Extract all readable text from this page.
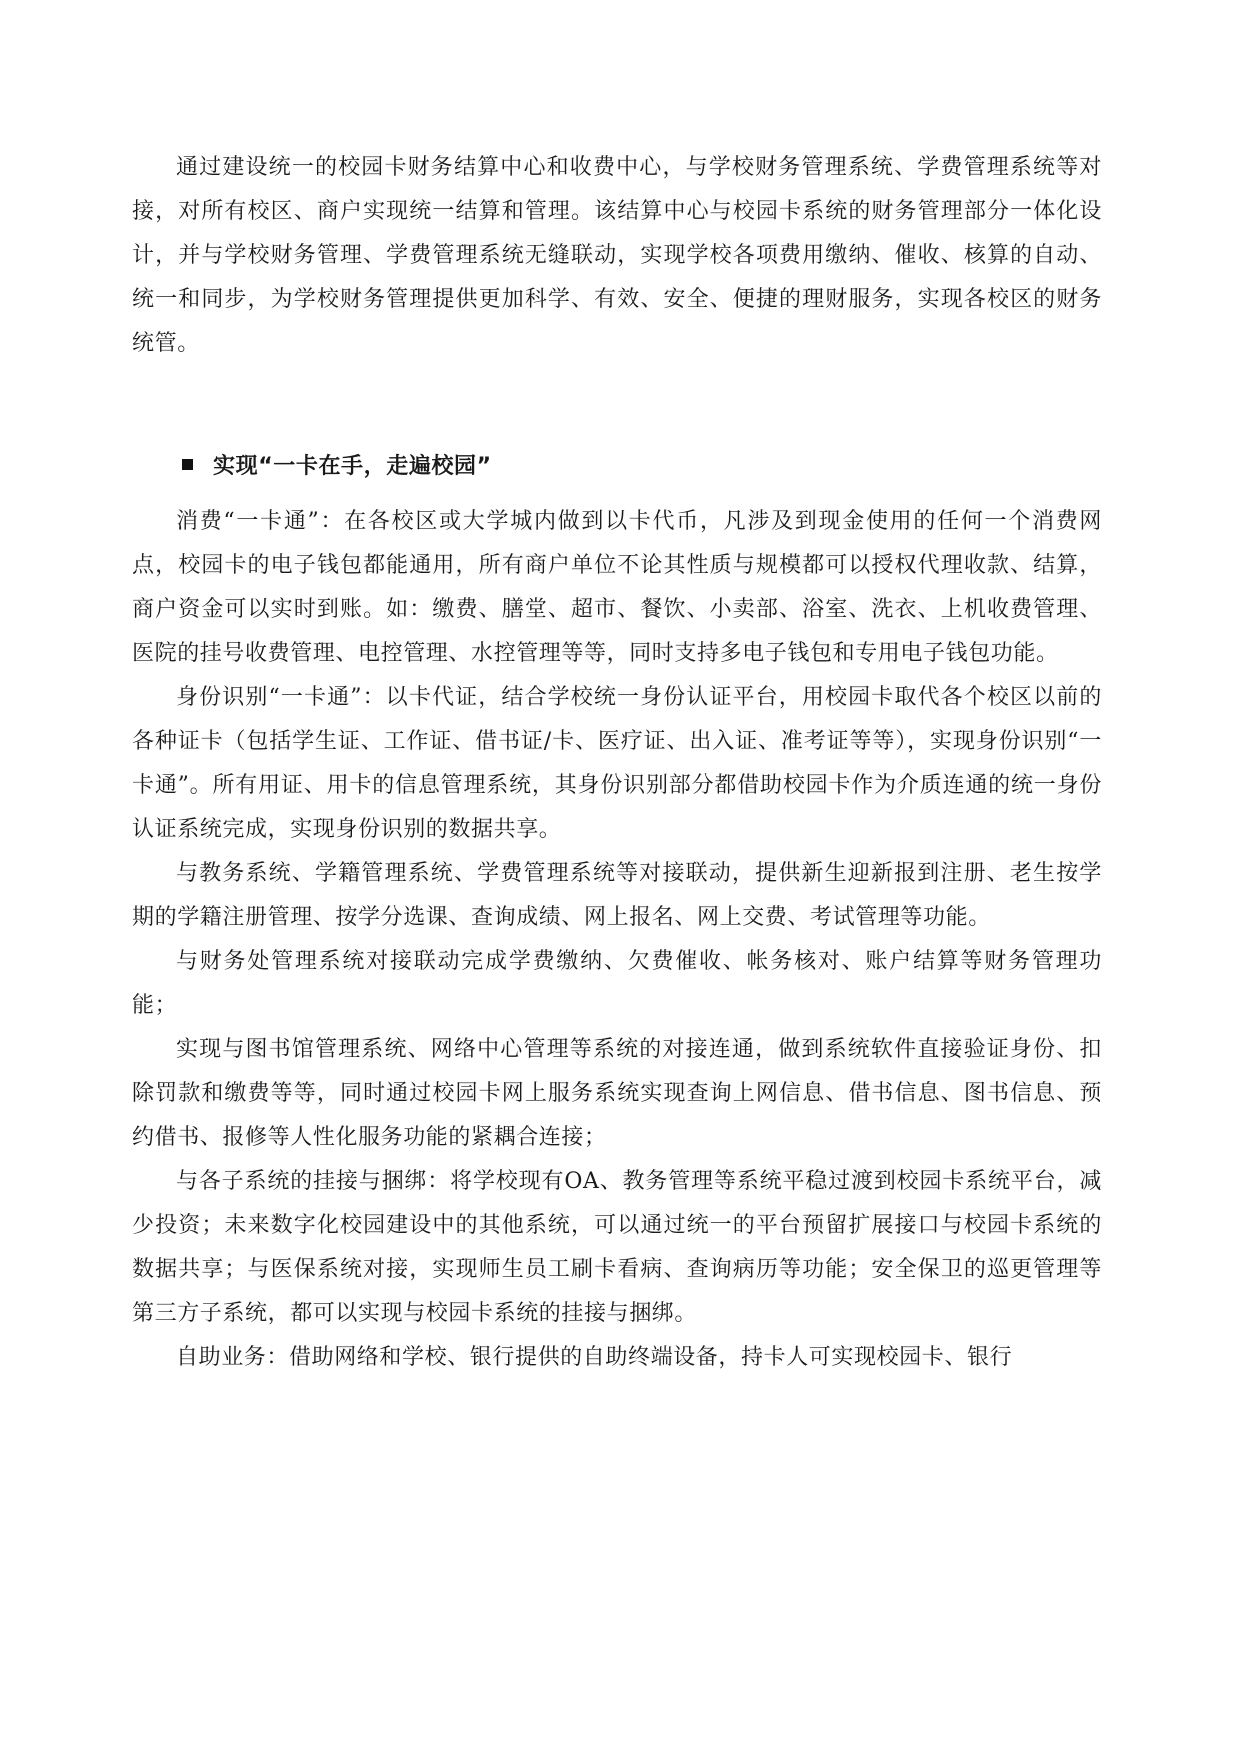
通过建设统一的校园卡财务结算中心和收费中心，与学校财务管理系统、学费管理系统等对接，对所有校区、商户实现统一结算和管理。该结算中心与校园卡系统的财务管理部分一体化设计，并与学校财务管理、学费管理系统无缝联动，实现学校各项费用缴纳、催收、核算的自动、统一和同步，为学校财务管理提供更加科学、有效、安全、便捷的理财服务，实现各校区的财务统管。

实现“一卡在手，走遍校园”

消费“一卡通”：在各校区或大学城内做到以卡代币，凡涉及到现金使用的任何一个消费网点，校园卡的电子钱包都能通用，所有商户单位不论其性质与规模都可以授权代理收款、结算，商户资金可以实时到账。如：缴费、膳堂、超市、餐饮、小卖部、浴室、洗衣、上机收费管理、医院的挂号收费管理、电控管理、水控管理等等，同时支持多电子钱包和专用电子钱包功能。

身份识别“一卡通”：以卡代证，结合学校统一身份认证平台，用校园卡取代各个校区以前的各种证卡（包括学生证、工作证、借书证/卡、医疗证、出入证、准考证等等），实现身份识别“一卡通”。所有用证、用卡的信息管理系统，其身份识别部分都借助校园卡作为介质连通的统一身份认证系统完成，实现身份识别的数据共享。

与教务系统、学籍管理系统、学费管理系统等对接联动，提供新生迎新报到注册、老生按学期的学籍注册管理、按学分选课、查询成绩、网上报名、网上交费、考试管理等功能。

与财务处管理系统对接联动完成学费缴纳、欠费催收、帐务核对、账户结算等财务管理功能；

实现与图书馆管理系统、网络中心管理等系统的对接连通，做到系统软件直接验证身份、扣除罚款和缴费等等，同时通过校园卡网上服务系统实现查询上网信息、借书信息、图书信息、预约借书、报修等人性化服务功能的紧耦合连接；

与各子系统的挂接与捆绑：将学校现有OA、教务管理等系统平稳过渡到校园卡系统平台，减少投资；未来数字化校园建设中的其他系统，可以通过统一的平台预留扩展接口与校园卡系统的数据共享；与医保系统对接，实现师生员工刷卡看病、查询病历等功能；安全保卫的巡更管理等第三方子系统，都可以实现与校园卡系统的挂接与捆绑。

自助业务：借助网络和学校、银行提供的自助终端设备，持卡人可实现校园卡、银行
